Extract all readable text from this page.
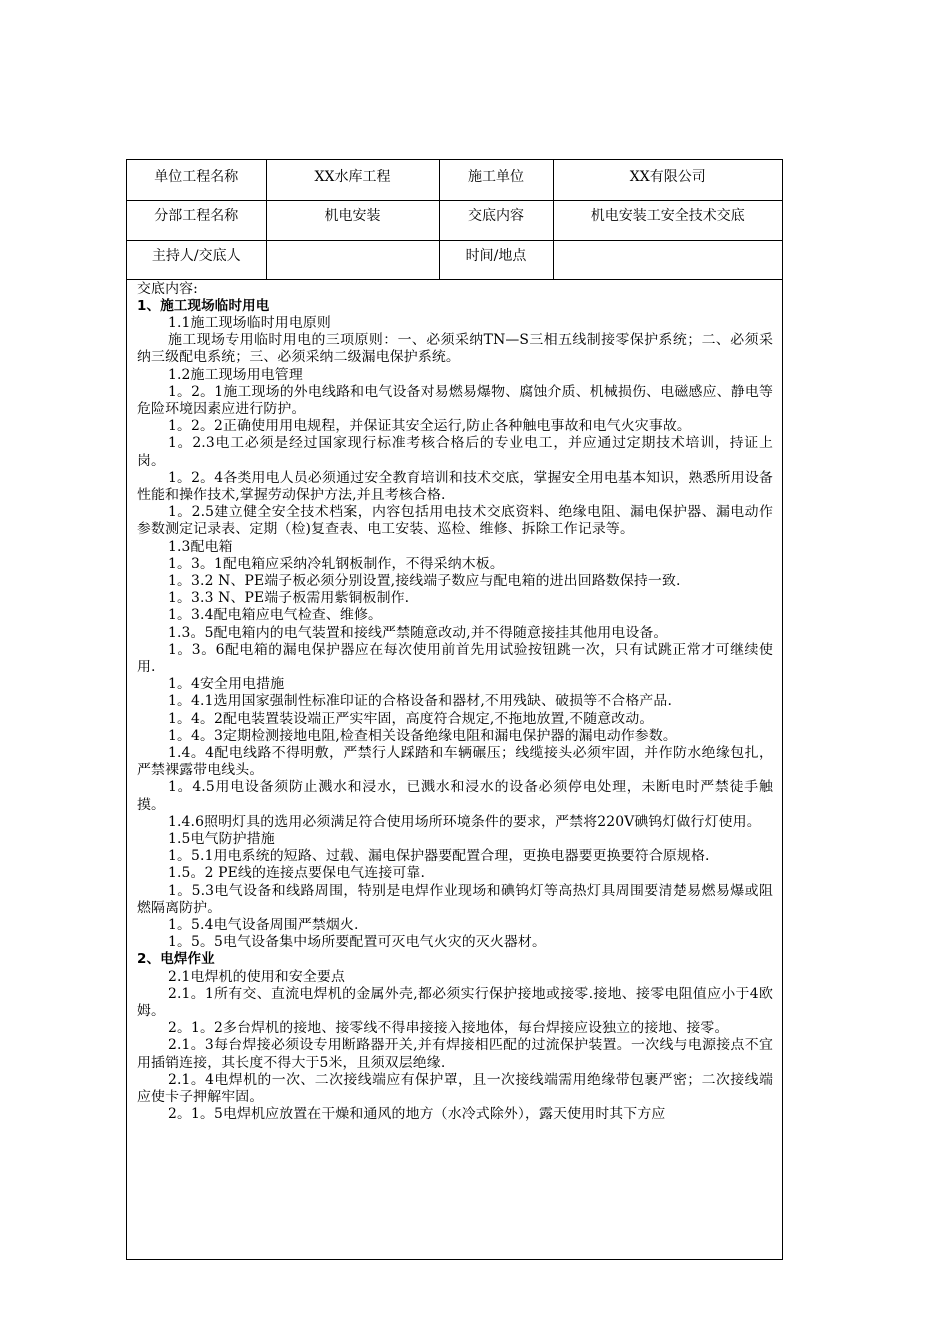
单位工程名称	XX水库工程	施工单位	XX有限公司
分部工程名称	机电安装	交底内容	机电安装工安全技术交底
主持人/交底人		时间/地点	

交底内容:

1、施工现场临时用电

1.1施工现场临时用电原则

施工现场专用临时用电的三项原则：一、必须采纳TN—S三相五线制接零保护系统；二、必须采纳三级配电系统；三、必须采纳二级漏电保护系统。

1.2施工现场用电管理

1。2。1施工现场的外电线路和电气设备对易燃易爆物、腐蚀介质、机械损伤、电磁感应、静电等危险环境因素应进行防护。

1。2。2正确使用用电规程，并保证其安全运行,防止各种触电事故和电气火灾事故。

1。2.3电工必须是经过国家现行标准考核合格后的专业电工，并应通过定期技术培训，持证上岗。

1。2。4各类用电人员必须通过安全教育培训和技术交底，掌握安全用电基本知识，熟悉所用设备性能和操作技术,掌握劳动保护方法,并且考核合格.

1。2.5建立健全安全技术档案，内容包括用电技术交底资料、绝缘电阻、漏电保护器、漏电动作参数测定记录表、定期（检)复查表、电工安装、巡检、维修、拆除工作记录等。

1.3配电箱

1。3。1配电箱应采纳冷轧钢板制作，不得采纳木板。

1。3.2 N、PE端子板必须分别设置,接线端子数应与配电箱的进出回路数保持一致.

1。3.3 N、PE端子板需用紫铜板制作.

1。3.4配电箱应电气检查、维修。

1.3。5配电箱内的电气装置和接线严禁随意改动,并不得随意接挂其他用电设备。

1。3。6配电箱的漏电保护器应在每次使用前首先用试验按钮跳一次，只有试跳正常才可继续使用.

1。4安全用电措施

1。4.1选用国家强制性标准印证的合格设备和器材,不用残缺、破损等不合格产品.

1。4。2配电装置装设端正严实牢固，高度符合规定,不拖地放置,不随意改动。

1。4。3定期检测接地电阻,检查相关设备绝缘电阻和漏电保护器的漏电动作参数。

1.4。4配电线路不得明敷，严禁行人踩踏和车辆碾压；线缆接头必须牢固，并作防水绝缘包扎，严禁裸露带电线头。

1。4.5用电设备须防止溅水和浸水，已溅水和浸水的设备必须停电处理，未断电时严禁徒手触摸。

1.4.6照明灯具的选用必须满足符合使用场所环境条件的要求，严禁将220V碘钨灯做行灯使用。

1.5电气防护措施

1。5.1用电系统的短路、过载、漏电保护器要配置合理，更换电器要更换要符合原规格.

1.5。2 PE线的连接点要保电气连接可靠.

1。5.3电气设备和线路周围，特别是电焊作业现场和碘钨灯等高热灯具周围要清楚易燃易爆或阻燃隔离防护。

1。5.4电气设备周围严禁烟火.

1。5。5电气设备集中场所要配置可灭电气火灾的灭火器材。

2、电焊作业

2.1电焊机的使用和安全要点

2.1。1所有交、直流电焊机的金属外壳,都必须实行保护接地或接零.接地、接零电阻值应小于4欧姆。

2。1。2多台焊机的接地、接零线不得串接接入接地体，每台焊接应设独立的接地、接零。

2.1。3每台焊接必须设专用断路器开关,并有焊接相匹配的过流保护装置。一次线与电源接点不宜用插销连接，其长度不得大于5米，且须双层绝缘.

2.1。4电焊机的一次、二次接线端应有保护罩，且一次接线端需用绝缘带包裹严密；二次接线端应使卡子押解牢固。

2。1。5电焊机应放置在干燥和通风的地方（水冷式除外），露天使用时其下方应
